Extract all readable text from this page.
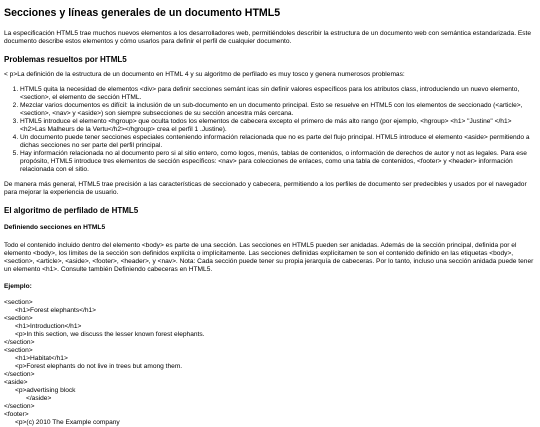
Secciones y líneas generales de un documento HTML5

La especificación HTML5 trae muchos nuevos elementos a los desarrolladores web, permitiéndoles describir la estructura de un documento web con semántica estandarizada. Este documento describe estos elementos y cómo usarlos para definir el perfil de cualquier documento.

Problemas resueltos por HTML5

< p>La definición de la estructura de un documento en HTML 4 y su algoritmo de perfilado es muy tosco y genera numerosos problemas:

1. HTML5 quita la necesidad de elementos <div> para definir secciones semánt icas sin definir valores específicos para los atributos class, introduciendo un nuevo elemento, <section>, el elemento de sección HTML.
2. Mezclar varios documentos es difícil: la inclusión de un sub-documento en un documento principal. Esto se resuelve en HTML5 con los elementos de seccionado (<article>, <section>, <nav> y <aside>) son siempre subsecciones de su sección ancestra más cercana.
3. HTML5 introduce el elemento <hgroup> que oculta todos los elementos de cabecera excepto el primero de más alto rango (por ejemplo, <hgroup> <h1> "Justine" </h1> <h2>Las Malheurs de la Vertu</h2></hgroup> crea el perfil 1 .Justine).
4. Un documento puede tener secciones especiales conteniendo información relacionada que no es parte del flujo principal. HTML5 introduce el elemento <aside> permitiendo a dichas secciones no ser parte del perfil principal.
5. Hay información relacionada no al documento pero si al sitio entero, como logos, menús, tablas de contenidos, o información de derechos de autor y not as legales. Para ese propósito, HTML5 introduce tres elementos de sección específicos: <nav> para colecciones de enlaces, como una tabla de contenidos, <footer> y <header> información relacionada con el sitio.

De manera más general, HTML5 trae precisión a las características de seccionado y cabecera, permitiendo a los perfiles de documento ser predecibles y usados por el navegador para mejorar la experiencia de usuario.

El algoritmo de perfilado de HTML5
Definiendo secciones en HTML5

Todo el contenido incluido dentro del elemento <body> es parte de una sección. Las secciones en HTML5 pueden ser anidadas. Además de la sección principal, definida por el elemento <body>, los límites de la sección son definidos explícita o implícitamente. Las secciones definidas explícitamen te son el contenido definido en las etiquetas <body>, <section>, <article>, <aside>, <footer>, <header>, y <nav>. Nota: Cada sección puede tener su propia jerarquía de cabeceras. Por lo tanto, incluso una sección anidada puede tener un elemento <h1>. Consulte también Definiendo cabeceras en HTML5.

Ejemplo:
<section>
<h1>Forest elephants</h1>
<section>
<h1>Introduction</h1>
<p>In this section, we discuss the lesser known forest elephants.
</section>
<section>
<h1>Habitat</h1>
<p>Forest elephants do not live in trees but among them.
</section>
<aside>
<p>advertising block
</aside>
</section>
<footer>
<p>(c) 2010 The Example company
